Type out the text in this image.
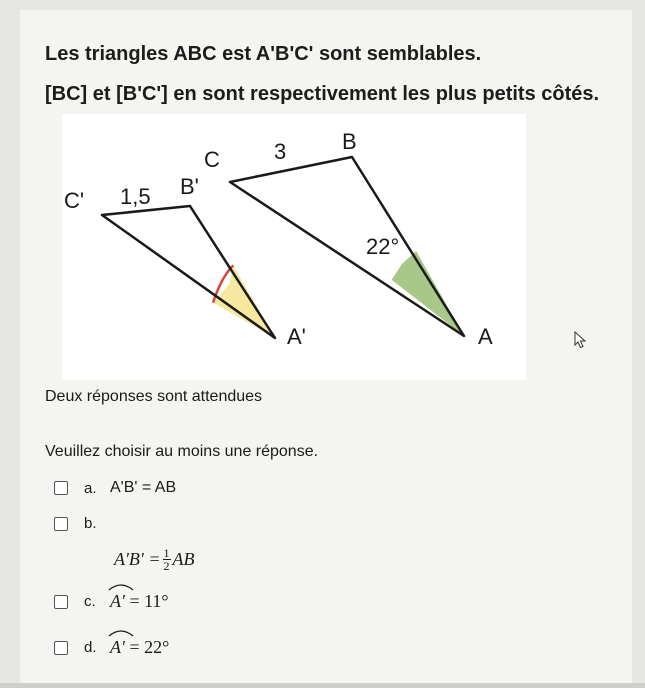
Les triangles ABC est A'B'C' sont semblables.
[BC] et [B'C'] en sont respectivement les plus petits côtés.
C 3	B
C' 1,5 B'
22°
A'	A
Deux réponses sont attendues
Veuillez choisir au moins une réponse.
a. A'B' = AB
b.
$A'B' = \frac{1}{2}$ AB
c. A′ = 11°
d. A′ = 22°
